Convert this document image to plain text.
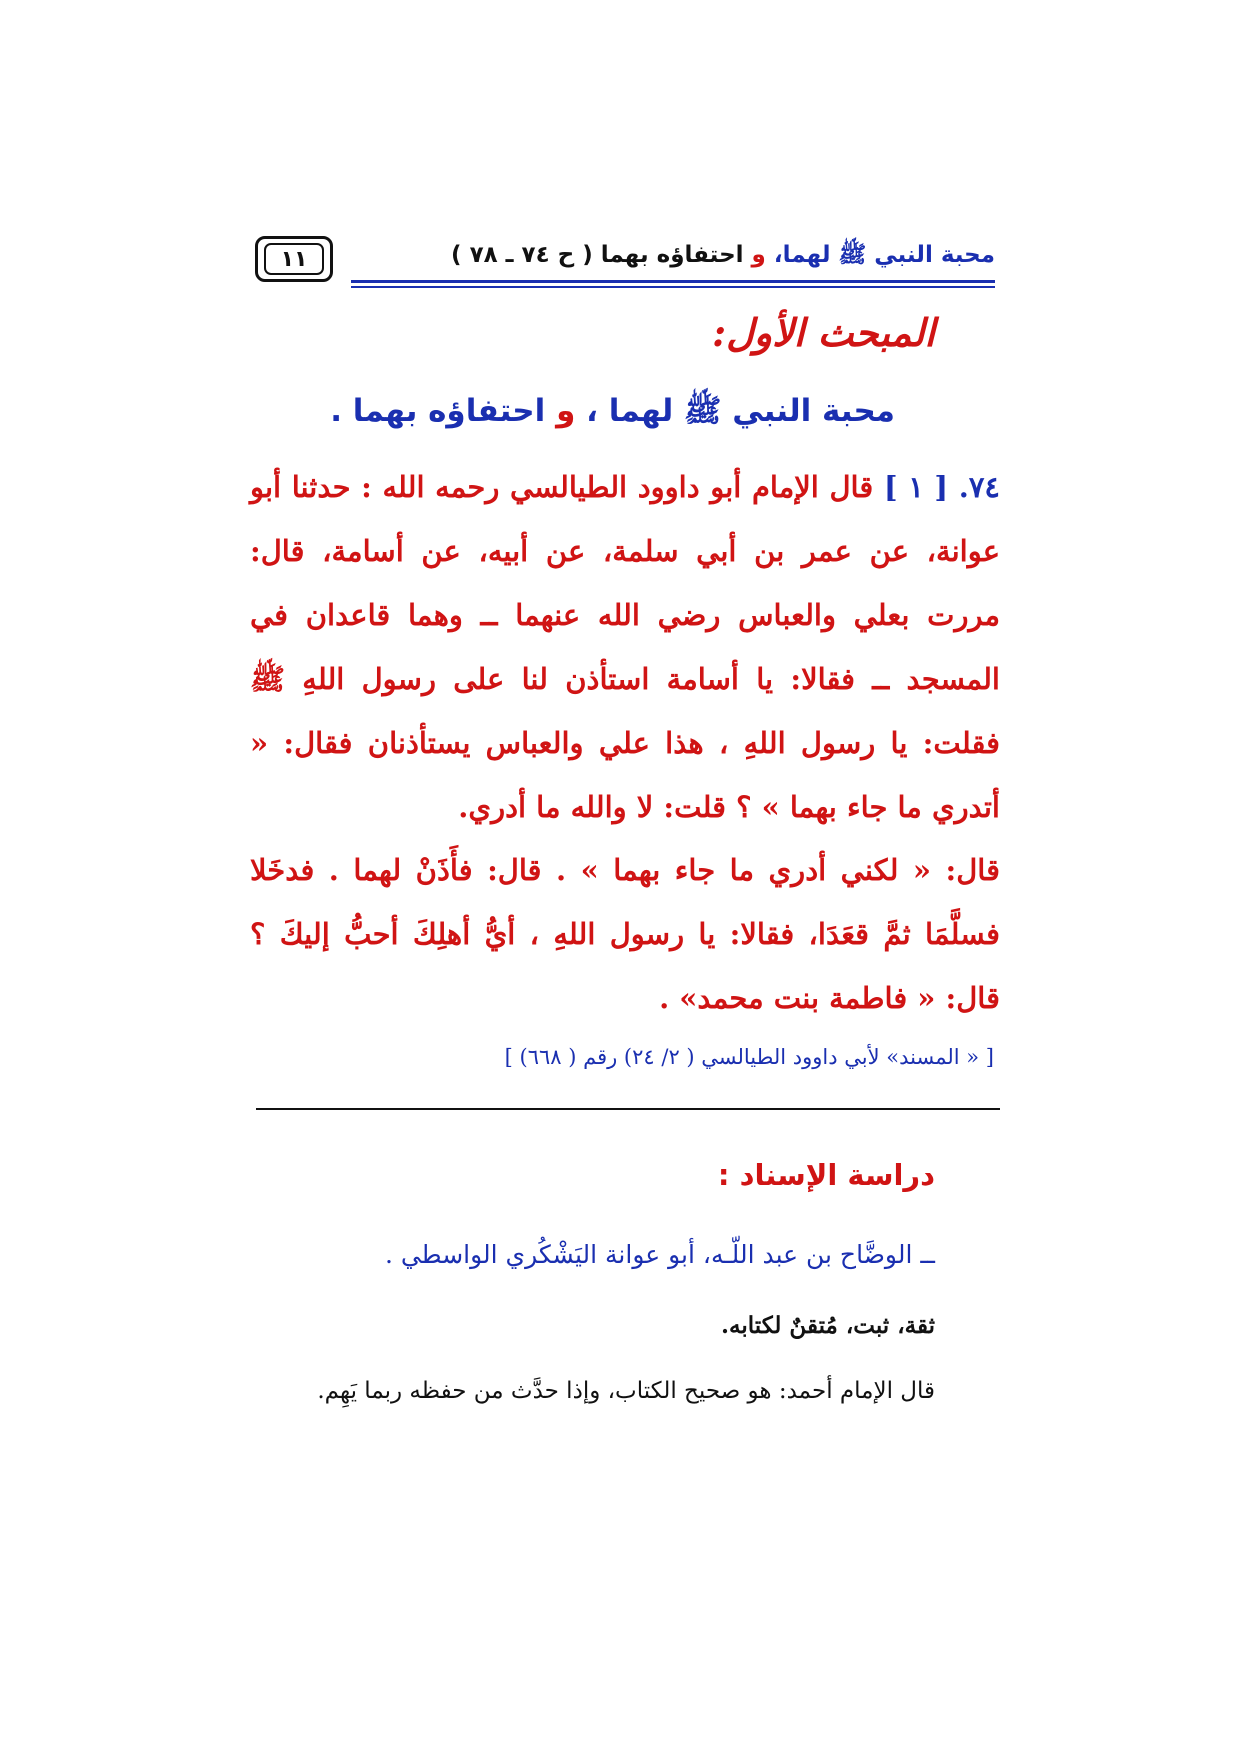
محبة النبي ﷺ لهما، و احتفاؤه بهما ( ح ٧٤ ـ ٧٨ )
١١
المبحث الأول:
محبة النبي ﷺ لهما ، و احتفاؤه بهما .
٧٤. [ ١ ] قال الإمام أبو داوود الطيالسي رحمه الله : حدثنا أبو عوانة، عن عمر بن أبي سلمة، عن أبيه، عن أسامة، قال: مررت بعلي والعباس رضي الله عنهما ــ وهما قاعدان في المسجد ــ فقالا: يا أسامة استأذن لنا على رسول اللهِ ﷺ فقلت: يا رسول اللهِ ، هذا علي والعباس يستأذنان فقال: « أتدري ما جاء بهما » ؟ قلت: لا والله ما أدري.
قال: « لكني أدري ما جاء بهما » . قال: فأَذَنْ لهما . فدخَلا فسلَّمَا ثمَّ قعَدَا، فقالا: يا رسول اللهِ ، أيُّ أهلِكَ أحبُّ إليكَ ؟ قال: « فاطمة بنت محمد» .
[ « المسند» لأبي داوود الطيالسي ( ٢/ ٢٤) رقم ( ٦٦٨) ]
دراسة الإسناد :
ــ الوضَّاح بن عبد اللّـه، أبو عوانة اليَشْكُري الواسطي .
ثقة، ثبت، مُتقنٌ لكتابه.
قال الإمام أحمد: هو صحيح الكتاب، وإذا حدَّث من حفظه ربما يَهِم.
